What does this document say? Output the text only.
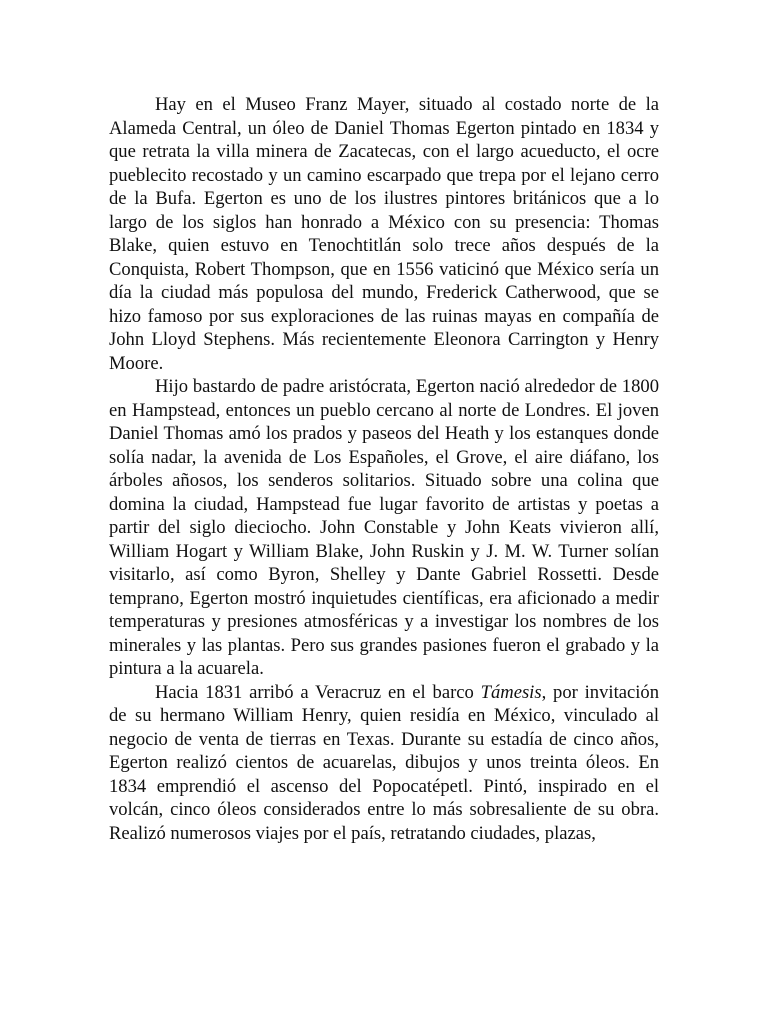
Hay en el Museo Franz Mayer, situado al costado norte de la Alameda Central, un óleo de Daniel Thomas Egerton pintado en 1834 y que retrata la villa minera de Zacatecas, con el largo acueducto, el ocre pueblecito recostado y un camino escarpado que trepa por el lejano cerro de la Bufa. Egerton es uno de los ilustres pintores británicos que a lo largo de los siglos han honrado a México con su presencia: Thomas Blake, quien estuvo en Tenochtitlán solo trece años después de la Conquista, Robert Thompson, que en 1556 vaticinó que México sería un día la ciudad más populosa del mundo, Frederick Catherwood, que se hizo famoso por sus exploraciones de las ruinas mayas en compañía de John Lloyd Stephens. Más recientemente Eleonora Carrington y Henry Moore.

Hijo bastardo de padre aristócrata, Egerton nació alrededor de 1800 en Hampstead, entonces un pueblo cercano al norte de Londres. El joven Daniel Thomas amó los prados y paseos del Heath y los estanques donde solía nadar, la avenida de Los Españoles, el Grove, el aire diáfano, los árboles añosos, los senderos solitarios. Situado sobre una colina que domina la ciudad, Hampstead fue lugar favorito de artistas y poetas a partir del siglo dieciocho. John Constable y John Keats vivieron allí, William Hogart y William Blake, John Ruskin y J. M. W. Turner solían visitarlo, así como Byron, Shelley y Dante Gabriel Rossetti. Desde temprano, Egerton mostró inquietudes científicas, era aficionado a medir temperaturas y presiones atmosféricas y a investigar los nombres de los minerales y las plantas. Pero sus grandes pasiones fueron el grabado y la pintura a la acuarela.

Hacia 1831 arribó a Veracruz en el barco Támesis, por invitación de su hermano William Henry, quien residía en México, vinculado al negocio de venta de tierras en Texas. Durante su estadía de cinco años, Egerton realizó cientos de acuarelas, dibujos y unos treinta óleos. En 1834 emprendió el ascenso del Popocatépetl. Pintó, inspirado en el volcán, cinco óleos considerados entre lo más sobresaliente de su obra. Realizó numerosos viajes por el país, retratando ciudades, plazas,
